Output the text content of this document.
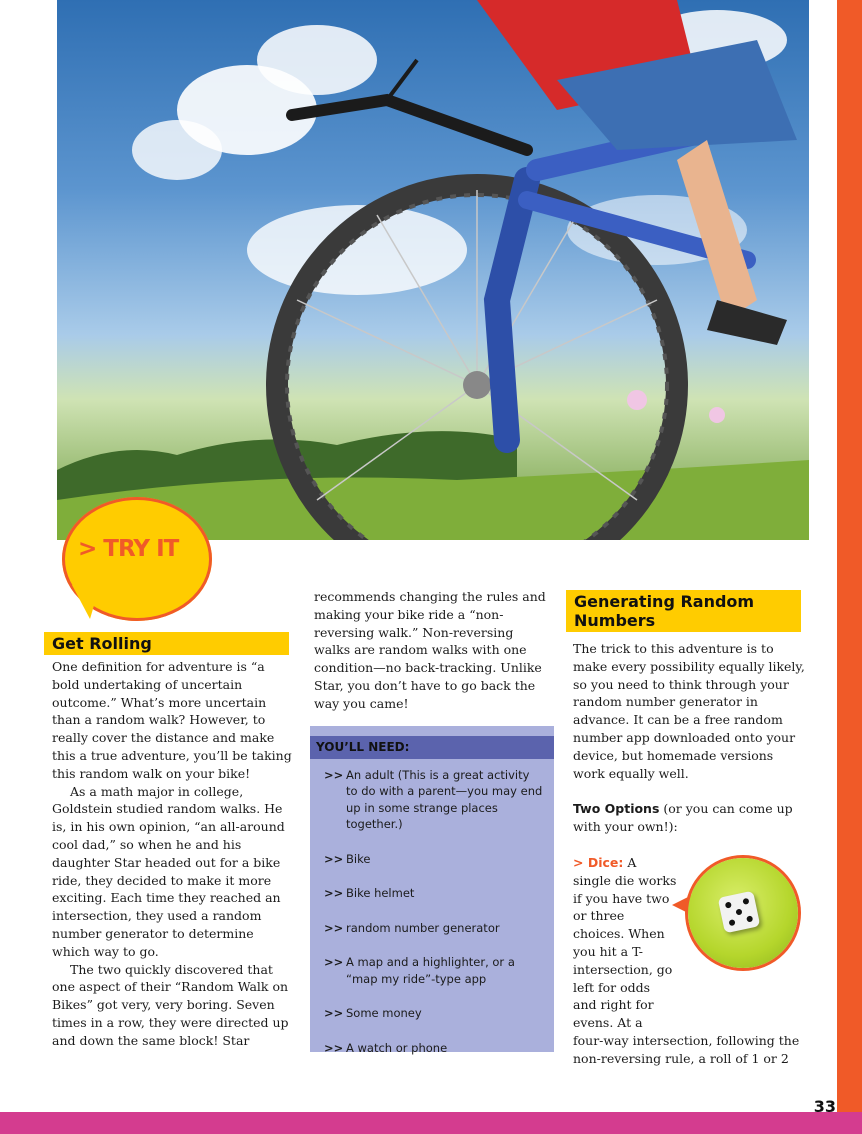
33
> TRY IT
Get Rolling

One definition for adventure is “a bold undertaking of uncertain outcome.” What’s more uncertain than a random walk? However, to really cover the distance and make this a true adventure, you’ll be taking this random walk on your bike!

As a math major in college, Goldstein studied random walks. He is, in his own opinion, “an all-around cool dad,” so when he and his daughter Star headed out for a bike ride, they decided to make it more exciting. Each time they reached an intersection, they used a random number generator to determine which way to go.

The two quickly discovered that one aspect of their “Random Walk on Bikes” got very, very boring. Seven times in a row, they were directed up and down the same block! Star

recommends changing the rules and making your bike ride a “non-reversing walk.” Non-reversing walks are random walks with one condition—no back-tracking. Unlike Star, you don’t have to go back the way you came!

YOU’LL NEED:
>> An adult (This is a great activity to do with a parent—you may end up in some strange places together.)
>> Bike
>> Bike helmet
>> random number generator
>> A map and a highlighter, or a “map my ride”-type app
>> Some money
>> A watch or phone
Generating Random Numbers

The trick to this adventure is to make every possibility equally likely, so you need to think through your random number generator in advance. It can be a free random number app downloaded onto your device, but homemade versions work equally well.

Two Options (or you can come up with your own!):

> Dice: A single die works if you have two or three choices. When you hit a T-intersection, go left for odds and right for evens. At a

four-way intersection, following the non-reversing rule, a roll of 1 or 2
